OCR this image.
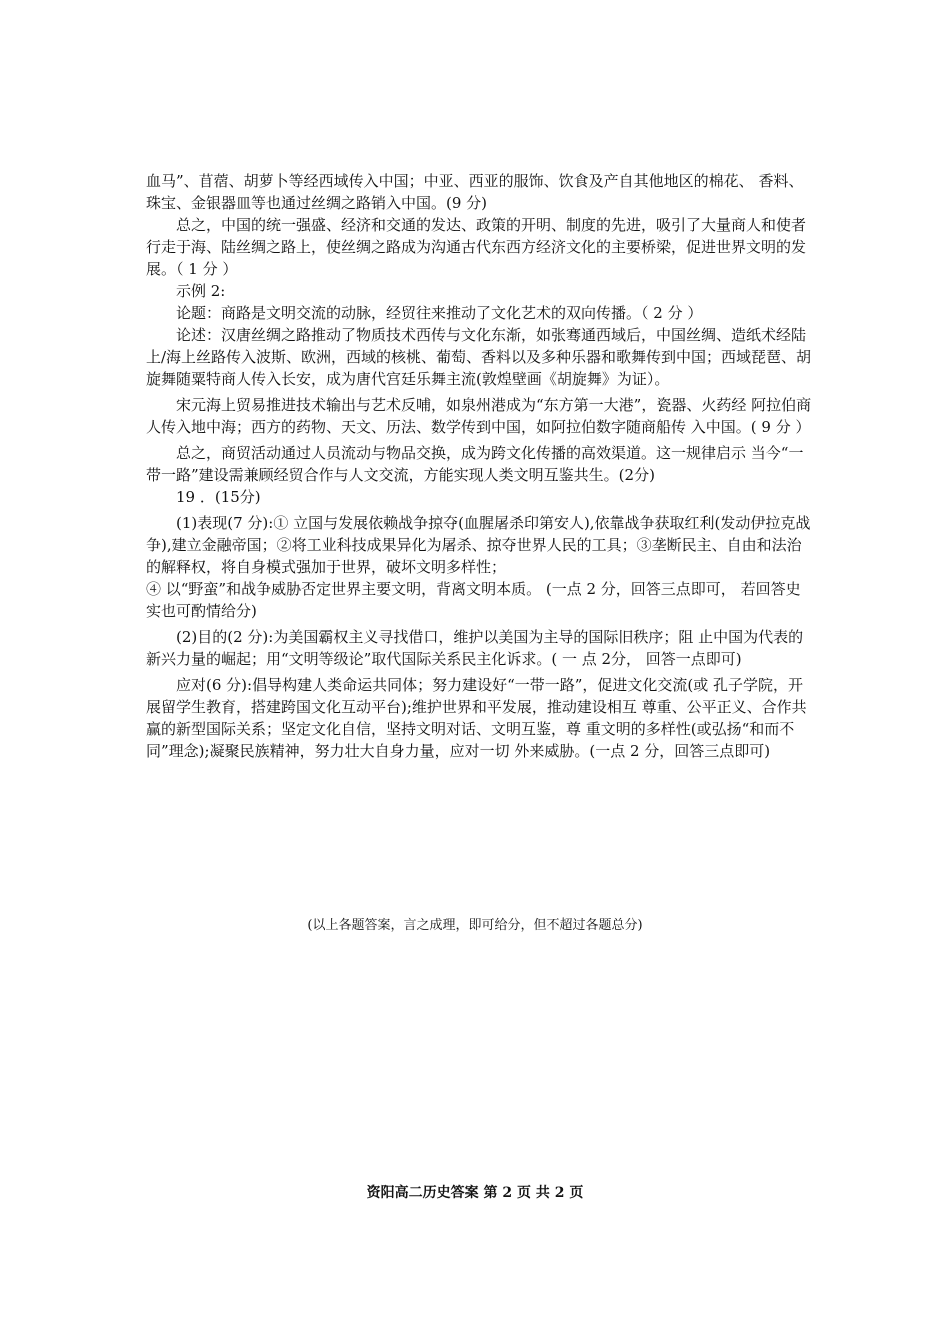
血马”、苜蓿、胡萝卜等经西域传入中国；中亚、西亚的服饰、饮食及产自其他地区的棉花、 香料、珠宝、金银器皿等也通过丝绸之路销入中国。(9 分)

总之，中国的统一强盛、经济和交通的发达、政策的开明、制度的先进，吸引了大量商人和使者行走于海、陆丝绸之路上，使丝绸之路成为沟通古代东西方经济文化的主要桥梁，促进世界文明的发展。（ 1 分 ）

示例 2:

论题：商路是文明交流的动脉，经贸往来推动了文化艺术的双向传播。（ 2 分 ）

论述：汉唐丝绸之路推动了物质技术西传与文化东渐，如张骞通西域后，中国丝绸、造纸术经陆上/海上丝路传入波斯、欧洲，西域的核桃、葡萄、香料以及多种乐器和歌舞传到中国；西域琵琶、胡旋舞随粟特商人传入长安，成为唐代宫廷乐舞主流(敦煌壁画《胡旋舞》为证）。

宋元海上贸易推进技术输出与艺术反哺，如泉州港成为“东方第一大港”，瓷器、火药经 阿拉伯商人传入地中海；西方的药物、天文、历法、数学传到中国，如阿拉伯数字随商船传 入中国。( 9 分 ）

总之，商贸活动通过人员流动与物品交换，成为跨文化传播的高效渠道。这一规律启示 当今“一带一路”建设需兼顾经贸合作与人文交流，方能实现人类文明互鉴共生。(2分)

19 ．(15分)

(1)表现(7 分):① 立国与发展依赖战争掠夺(血腥屠杀印第安人),依靠战争获取红利(发动伊拉克战争),建立金融帝国；②将工业科技成果异化为屠杀、掠夺世界人民的工具；③垄断民主、自由和法治的解释权，将自身模式强加于世界，破坏文明多样性；

④ 以“野蛮”和战争威胁否定世界主要文明，背离文明本质。 (一点 2 分，回答三点即可， 若回答史实也可酌情给分)

(2)目的(2 分):为美国霸权主义寻找借口，维护以美国为主导的国际旧秩序；阻 止中国为代表的新兴力量的崛起；用“文明等级论”取代国际关系民主化诉求。( 一 点 2分， 回答一点即可)

应对(6 分):倡导构建人类命运共同体；努力建设好“一带一路”，促进文化交流(或 孔子学院，开展留学生教育，搭建跨国文化互动平台);维护世界和平发展，推动建设相互 尊重、公平正义、合作共赢的新型国际关系；坚定文化自信，坚持文明对话、文明互鉴，尊 重文明的多样性(或弘扬“和而不同”理念);凝聚民族精神，努力壮大自身力量，应对一切 外来威胁。(一点 2 分，回答三点即可)

(以上各题答案，言之成理，即可给分，但不超过各题总分)
资阳高二历史答案 第 2 页 共 2 页
